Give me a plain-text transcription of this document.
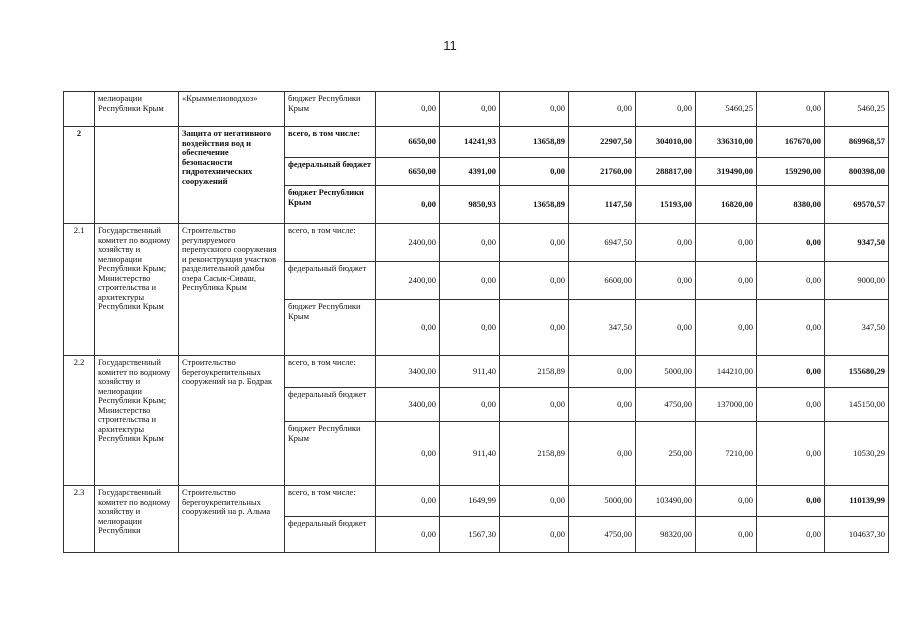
11
	мелиорации Республики Крым	«Крыммелиоводхоз»	бюджет Республики Крым	0,00	0,00	0,00	0,00	0,00	5460,25	0,00	5460,25
2		Защита от негативного воздействия вод и обеспечение безопасности гидротехнических сооружений	всего, в том числе:	6650,00	14241,93	13658,89	22907,50	304010,00	336310,00	167670,00	869968,57
			федеральный бюджет	6650,00	4391,00	0,00	21760,00	288817,00	319490,00	159290,00	800398,00
			бюджет Республики Крым	0,00	9850,93	13658,89	1147,50	15193,00	16820,00	8380,00	69570,57
2.1	Государственный комитет по водному хозяйству и мелиорации Республики Крым; Министерство строительства и архитектуры Республики Крым	Строительство регулируемого перепускного сооружения и реконструкция участков разделительной дамбы озера Сасык-Сиваш, Республика Крым	всего, в том числе:	2400,00	0,00	0,00	6947,50	0,00	0,00	0,00	9347,50
			федеральный бюджет	2400,00	0,00	0,00	6600,00	0,00	0,00	0,00	9000,00
			бюджет Республики Крым	0,00	0,00	0,00	347,50	0,00	0,00	0,00	347,50
2.2	Государственный комитет по водному хозяйству и мелиорации Республики Крым; Министерство строительства и архитектуры Республики Крым	Строительство берегоукрепительных сооружений на р. Бодрак	всего, в том числе:	3400,00	911,40	2158,89	0,00	5000,00	144210,00	0,00	155680,29
			федеральный бюджет	3400,00	0,00	0,00	0,00	4750,00	137000,00	0,00	145150,00
			бюджет Республики Крым	0,00	911,40	2158,89	0,00	250,00	7210,00	0,00	10530,29
2.3	Государственный комитет по водному хозяйству и мелиорации Республики	Строительство берегоукрепительных сооружений на р. Альма	всего, в том числе:	0,00	1649,99	0,00	5000,00	103490,00	0,00	0,00	110139,99
			федеральный бюджет	0,00	1567,30	0,00	4750,00	98320,00	0,00	0,00	104637,30
